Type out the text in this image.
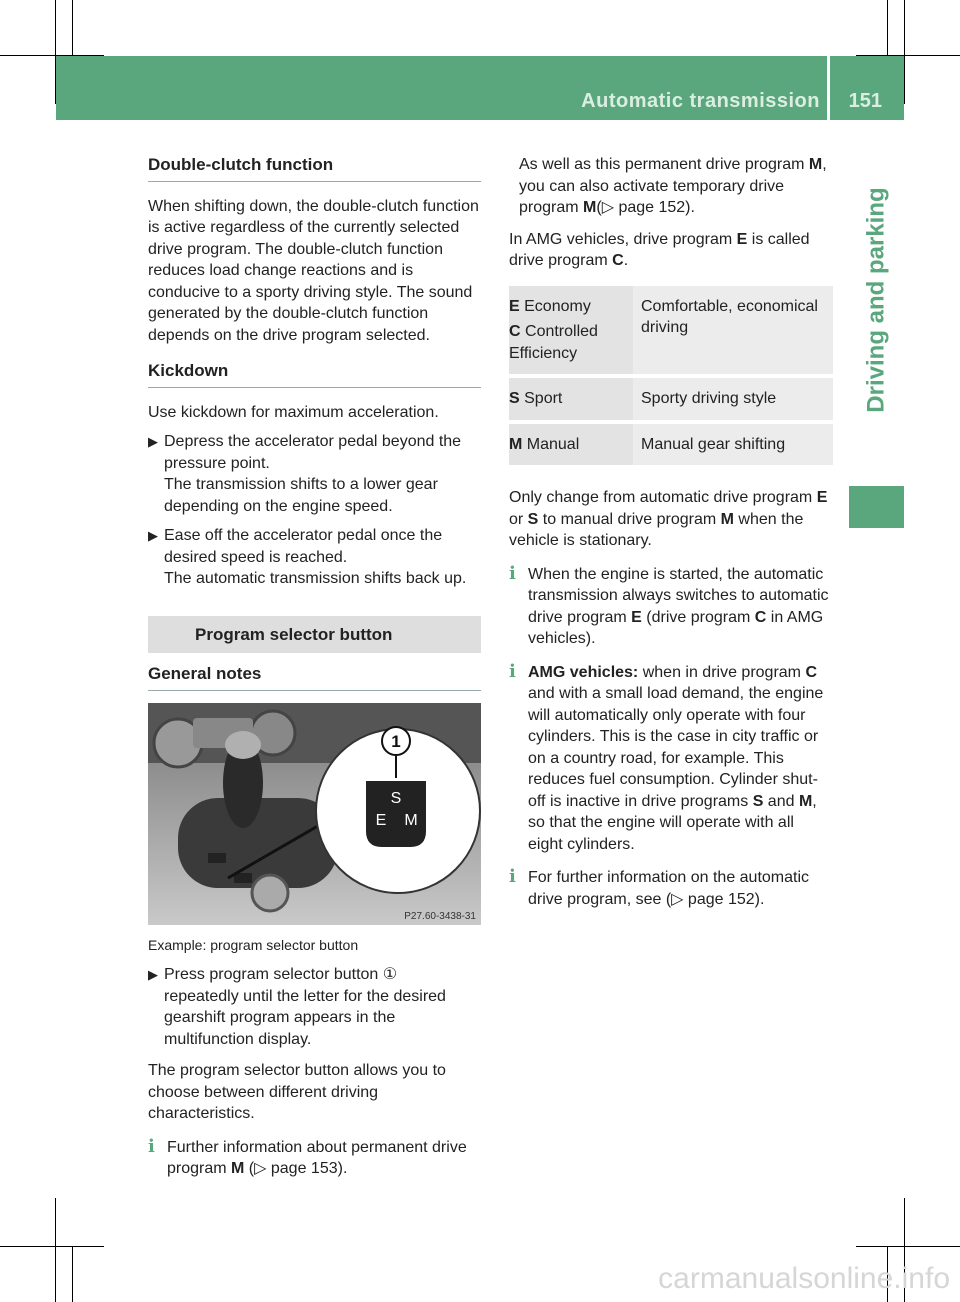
Automatic transmission 151
Driving and parking
Double-clutch function

When shifting down, the double-clutch function is active regardless of the currently selected drive program. The double-clutch function reduces load change reactions and is conducive to a sporty driving style. The sound generated by the double-clutch function depends on the drive program selected.

Kickdown

Use kickdown for maximum acceleration.

▶ Depress the accelerator pedal beyond the pressure point.
The transmission shifts to a lower gear depending on the engine speed.
▶ Ease off the accelerator pedal once the desired speed is reached.
The automatic transmission shifts back up.
Program selector button
General notes
1
S
E M
P27.60-3438-31

Example: program selector button

▶ Press program selector button ①
repeatedly until the letter for the desired gearshift program appears in the multifunction display.

The program selector button allows you to choose between different driving characteristics.

i Further information about permanent drive program M (▷ page 153).

As well as this permanent drive program M, you can also activate temporary drive program M(▷ page 152).

In AMG vehicles, drive program E is called drive program C.

E Economy
C Controlled Efficiency	Comfortable, economical driving
S Sport	Sporty driving style
M Manual	Manual gear shifting

Only change from automatic drive program E or S to manual drive program M when the vehicle is stationary.

i When the engine is started, the automatic transmission always switches to automatic drive program E (drive program C in AMG vehicles).
i AMG vehicles: when in drive program C and with a small load demand, the engine will automatically only operate with four cylinders. This is the case in city traffic or on a country road, for example. This reduces fuel consumption. Cylinder shut-off is inactive in drive programs S and M, so that the engine will operate with all eight cylinders.
i For further information on the automatic drive program, see (▷ page 152).
carmanualsonline.info
